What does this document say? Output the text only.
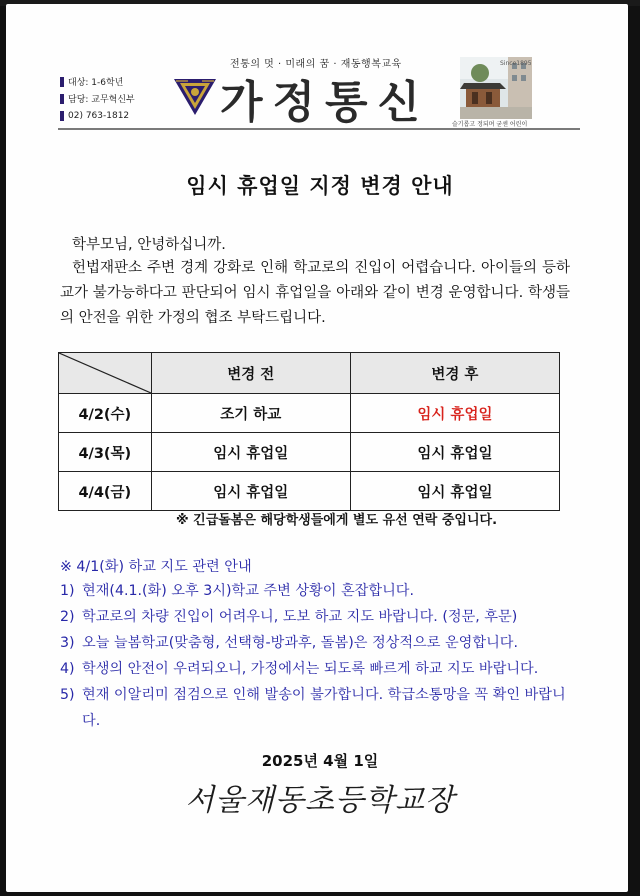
전통의 멋 · 미래의 꿈 · 재동행복교육
대상: 1-6학년
담당: 교무혁신부
02) 763-1812 가정통신
Since1895
슬기롭고 정되며 굳센 어린이
임시 휴업일 지정 변경 안내
학부모님, 안녕하십니까.
헌법재판소 주변 경계 강화로 인해 학교로의 진입이 어렵습니다. 아이들의 등하교가 불가능하다고 판단되어 임시 휴업일을 아래와 같이 변경 운영합니다. 학생들의 안전을 위한 가정의 협조 부탁드립니다.
	변경 전	변경 후
4/2(수)	조기 하교	임시 휴업일
4/3(목)	임시 휴업일	임시 휴업일
4/4(금)	임시 휴업일	임시 휴업일
※ 긴급돌봄은 해당학생들에게 별도 유선 연락 중입니다.
※ 4/1(화) 하교 지도 관련 안내
1) 현재(4.1.(화) 오후 3시)학교 주변 상황이 혼잡합니다.
2) 학교로의 차량 진입이 어려우니, 도보 하교 지도 바랍니다. (정문, 후문)
3) 오늘 늘봄학교(맞춤형, 선택형-방과후, 돌봄)은 정상적으로 운영합니다.
4) 학생의 안전이 우려되오니, 가정에서는 되도록 빠르게 하교 지도 바랍니다.
5) 현재 이알리미 점검으로 인해 발송이 불가합니다. 학급소통망을 꼭 확인 바랍니다.
2025년 4월 1일
서울재동초등학교장
